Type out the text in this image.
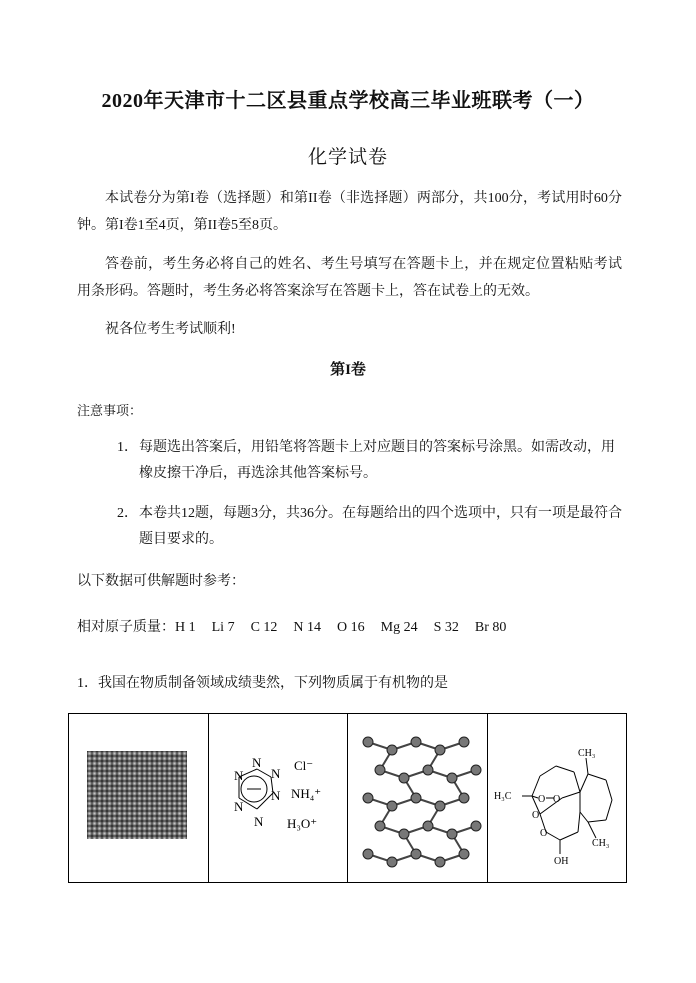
2020年天津市十二区县重点学校高三毕业班联考（一）
化学试卷
本试卷分为第I卷（选择题）和第II卷（非选择题）两部分，共100分，考试用时60分钟。第I卷1至4页，第II卷5至8页。
答卷前，考生务必将自己的姓名、考生号填写在答题卡上，并在规定位置粘贴考试用条形码。答题时，考生务必将答案涂写在答题卡上，答在试卷上的无效。
祝各位考生考试顺利!
第I卷
注意事项：
1． 每题选出答案后，用铅笔将答题卡上对应题目的答案标号涂黑。如需改动，用橡皮擦干净后，再选涂其他答案标号。
2． 本卷共12题，每题3分，共36分。在每题给出的四个选项中，只有一项是最符合题目要求的。
以下数据可供解题时参考：
相对原子质量：H 1 Li 7 C 12 N 14 O 16 Mg 24 S 32 Br 80
1．我国在物质制备领域成绩斐然，下列物质属于有机物的是

N
N
N
N
N
N
Cl⁻
NH₄⁺
H₃O⁺

H₃C	O O
O
O
CH₃
CH₃
OH
